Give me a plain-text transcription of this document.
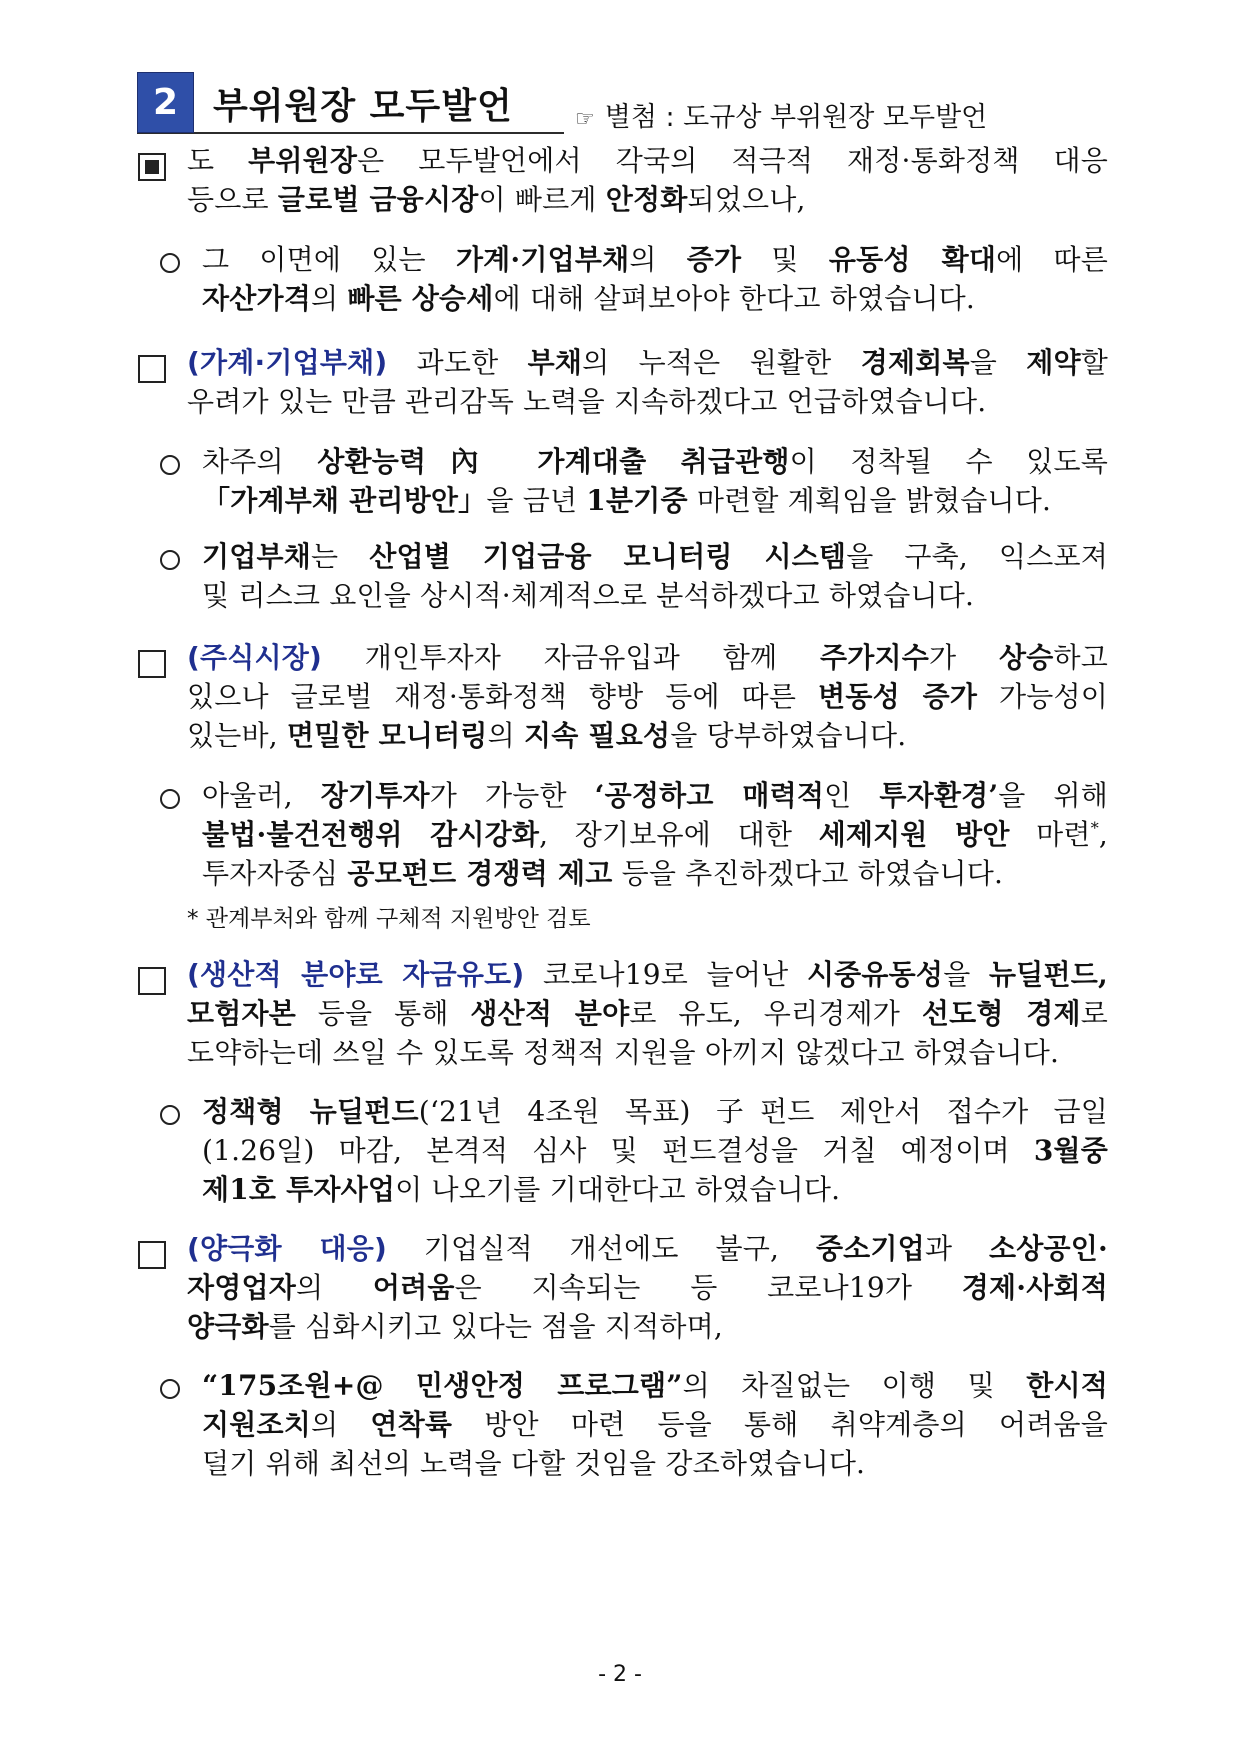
2 부위원장 모두발언	☞ 별첨 : 도규상 부위원장 모두발언
도 부위원장은 모두발언에서 각국의 적극적 재정·통화정책 대응
등으로 글로벌 금융시장이 빠르게 안정화되었으나,
그 이면에 있는 가계·기업부채의 증가 및 유동성 확대에 따른
자산가격의 빠른 상승세에 대해 살펴보아야 한다고 하였습니다.
(가계·기업부채) 과도한 부채의 누적은 원활한 경제회복을 제약할
우려가 있는 만큼 관리감독 노력을 지속하겠다고 언급하였습니다.
차주의 상환능력內 가계대출 취급관행이 정착될 수 있도록
「가계부채 관리방안」을 금년 1분기중 마련할 계획임을 밝혔습니다.
기업부채는 산업별 기업금융 모니터링 시스템을 구축, 익스포져
및 리스크 요인을 상시적·체계적으로 분석하겠다고 하였습니다.
(주식시장) 개인투자자 자금유입과 함께 주가지수가 상승하고
있으나 글로벌 재정·통화정책 향방 등에 따른 변동성 증가 가능성이
있는바, 면밀한 모니터링의 지속 필요성을 당부하였습니다.
아울러, 장기투자가 가능한 ‘공정하고 매력적인 투자환경’을 위해
불법·불건전행위 감시강화, 장기보유에 대한 세제지원 방안 마련*,
투자자중심 공모펀드 경쟁력 제고 등을 추진하겠다고 하였습니다.
* 관계부처와 함께 구체적 지원방안 검토
(생산적 분야로 자금유도) 코로나19로 늘어난 시중유동성을 뉴딜펀드,
모험자본 등을 통해 생산적 분야로 유도, 우리경제가 선도형 경제로
도약하는데 쓰일 수 있도록 정책적 지원을 아끼지 않겠다고 하였습니다.
정책형 뉴딜펀드(‘21년 4조원 목표) 子펀드 제안서 접수가 금일
(1.26일) 마감, 본격적 심사 및 펀드결성을 거칠 예정이며 3월중
제1호 투자사업이 나오기를 기대한다고 하였습니다.
(양극화 대응) 기업실적 개선에도 불구, 중소기업과 소상공인·
자영업자의 어려움은 지속되는 등 코로나19가 경제·사회적
양극화를 심화시키고 있다는 점을 지적하며,
“175조원+@ 민생안정 프로그램”의 차질없는 이행 및 한시적
지원조치의 연착륙 방안 마련 등을 통해 취약계층의 어려움을
덜기 위해 최선의 노력을 다할 것임을 강조하였습니다.
- 2 -
